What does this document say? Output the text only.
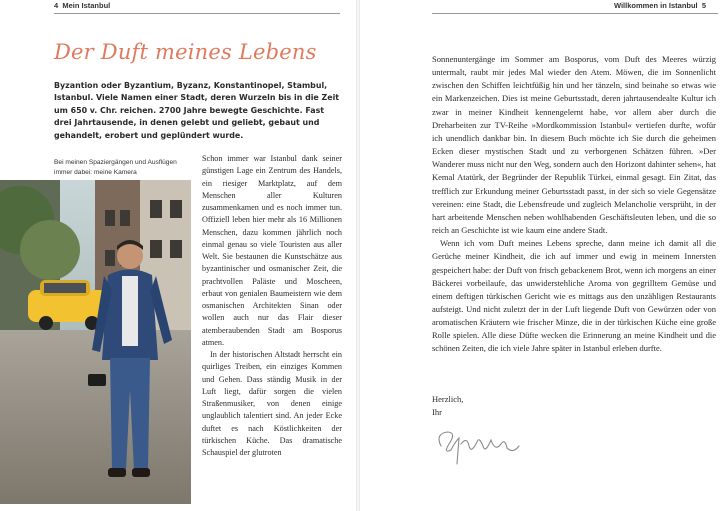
4 Mein Istanbul
Der Duft meines Lebens
Byzantion oder Byzantium, Byzanz, Konstantinopel, Stambul, Istanbul. Viele Namen einer Stadt, deren Wurzeln bis in die Zeit um 650 v. Chr. reichen. 2700 Jahre bewegte Geschichte. Fast drei Jahrtausende, in denen gelebt und geliebt, gebaut und gehandelt, erobert und geplündert wurde.
Bei meinen Spaziergängen und Ausflügen immer dabei: meine Kamera

Schon immer war Istanbul dank seiner günstigen Lage ein Zentrum des Handels, ein riesiger Marktplatz, auf dem Menschen aller Kulturen zusammenkamen und es noch immer tun. Offiziell leben hier mehr als 16 Millionen Menschen, dazu kommen jährlich noch einmal genau so viele Touristen aus aller Welt. Sie bestaunen die Kunstschätze aus byzantinischer und osmanischer Zeit, die prachtvollen Paläste und Moscheen, erbaut von genialen Baumeistern wie dem osmanischen Architekten Sinan oder wollen auch nur das Flair dieser atemberaubenden Stadt am Bosporus atmen.

In der historischen Altstadt herrscht ein quirliges Treiben, ein einziges Kommen und Gehen. Dass ständig Musik in der Luft liegt, dafür sorgen die vielen Straßenmusiker, von denen einige unglaublich talentiert sind. An jeder Ecke duftet es nach Köstlichkeiten der türkischen Küche. Das dramatische Schauspiel der glutroten

Willkommen in Istanbul 5

Sonnenuntergänge im Sommer am Bosporus, vom Duft des Meeres würzig untermalt, raubt mir jedes Mal wieder den Atem. Möwen, die im Sonnenlicht zwischen den Schiffen leichtfüßig hin und her tänzeln, sind beinahe so etwas wie ein Markenzeichen. Dies ist meine Geburtsstadt, deren jahrtausendealte Kultur ich zwar in meiner Kindheit kennengelernt habe, vor allem aber durch die Dreharbeiten zur TV-Reihe »Mordkommission Istanbul« vertiefen durfte, wofür ich unendlich dankbar bin. In diesem Buch möchte ich Sie durch die geheimen Ecken dieser mystischen Stadt und zu verborgenen Schätzen führen. »Der Wanderer muss nicht nur den Weg, sondern auch den Horizont dahinter sehen«, hat Kemal Atatürk, der Begründer der Republik Türkei, einmal gesagt. Ein Zitat, das trefflich zur Erkundung meiner Geburtsstadt passt, in der sich so viele Gegensätze vereinen: eine Stadt, die Lebensfreude und zugleich Melancholie versprüht, in der hart arbeitende Menschen neben wohlhabenden Geschäftsleuten leben, und die so reich an Geschichte ist wie kaum eine andere Stadt.

Wenn ich vom Duft meines Lebens spreche, dann meine ich damit all die Gerüche meiner Kindheit, die ich auf immer und ewig in meinem Innersten gespeichert habe: der Duft von frisch gebackenem Brot, wenn ich morgens an einer Bäckerei vorbeilaufe, das unwiderstehliche Aroma von gegrilltem Gemüse und einem deftigen türkischen Gericht wie es mittags aus den unzähligen Restaurants aufsteigt. Und nicht zuletzt der in der Luft liegende Duft von Gewürzen oder von aromatischen Kräutern wie frischer Minze, die in der türkischen Küche eine große Rolle spielen. Alle diese Düfte wecken die Erinnerung an meine Kindheit und die schönen Zeiten, die ich viele Jahre später in Istanbul erleben durfte.

Herzlich,
Ihr
